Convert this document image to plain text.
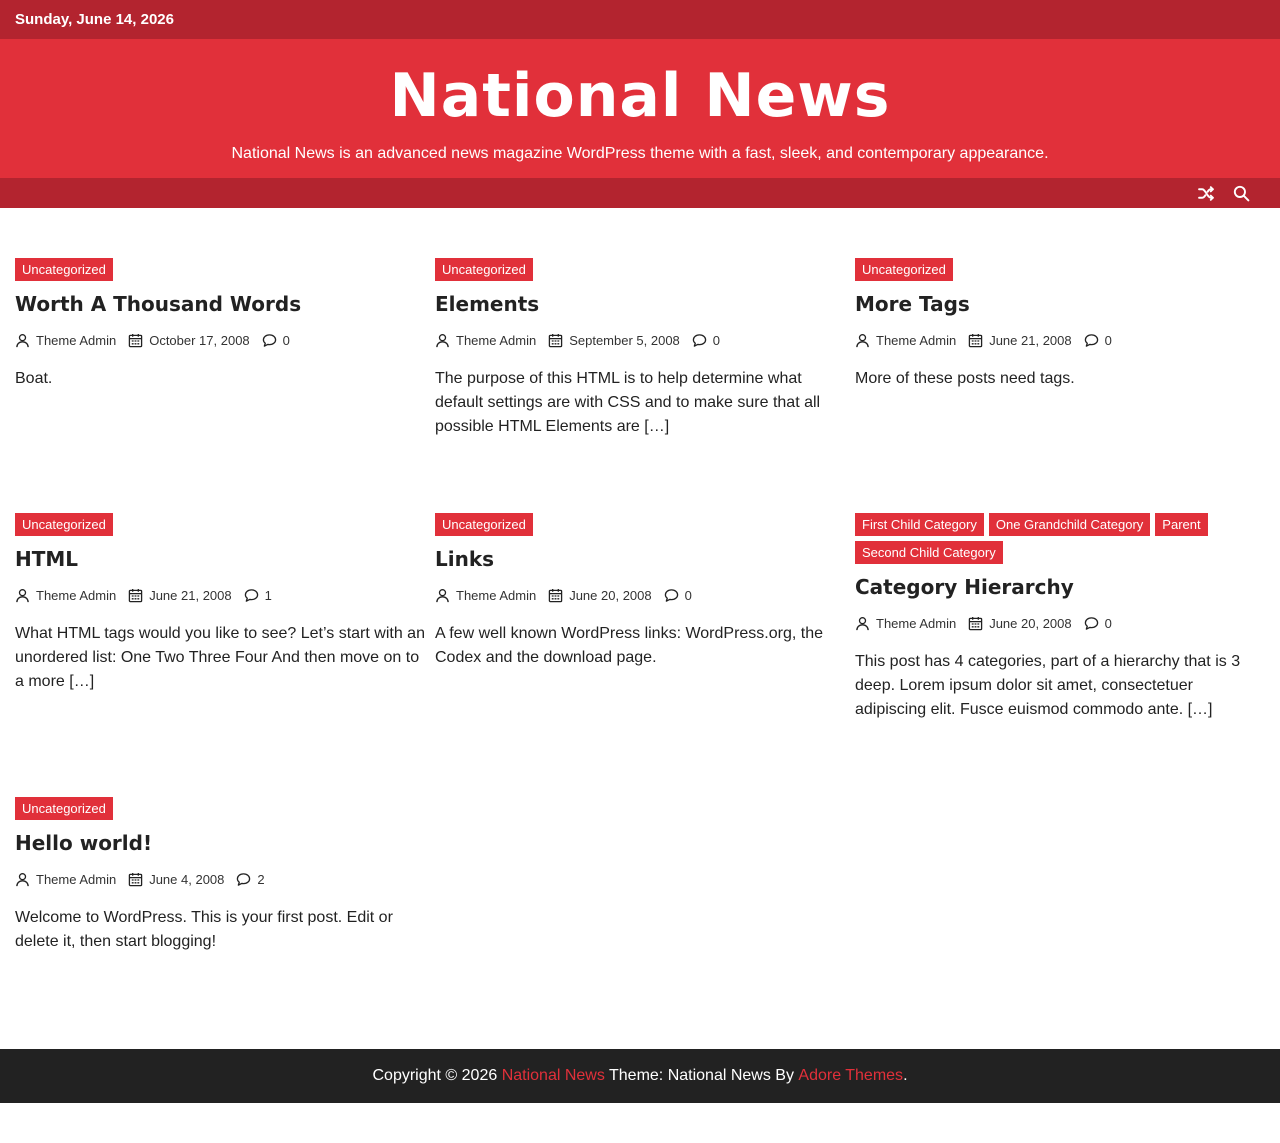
Sunday, June 14, 2026
National News
National News is an advanced news magazine WordPress theme with a fast, sleek, and contemporary appearance.
Uncategorized
Worth A Thousand Words
Theme Admin	October 17, 2008	0
Boat.
Uncategorized
Elements
Theme Admin	September 5, 2008	0
The purpose of this HTML is to help determine what default settings are with CSS and to make sure that all possible HTML Elements are […]
Uncategorized
More Tags
Theme Admin	June 21, 2008	0
More of these posts need tags.
Uncategorized
HTML
Theme Admin	June 21, 2008	1
What HTML tags would you like to see? Let’s start with an unordered list: One Two Three Four And then move on to a more […]
Uncategorized
Links
Theme Admin	June 20, 2008	0
A few well known WordPress links: WordPress.org, the Codex and the download page.
First Child Category	One Grandchild Category	Parent
Second Child Category
Category Hierarchy
Theme Admin	June 20, 2008	0
This post has 4 categories, part of a hierarchy that is 3 deep. Lorem ipsum dolor sit amet, consectetuer adipiscing elit. Fusce euismod commodo ante. […]
Uncategorized
Hello world!
Theme Admin	June 4, 2008	2
Welcome to WordPress. This is your first post. Edit or delete it, then start blogging!
Copyright © 2026 National News Theme: National News By Adore Themes .
